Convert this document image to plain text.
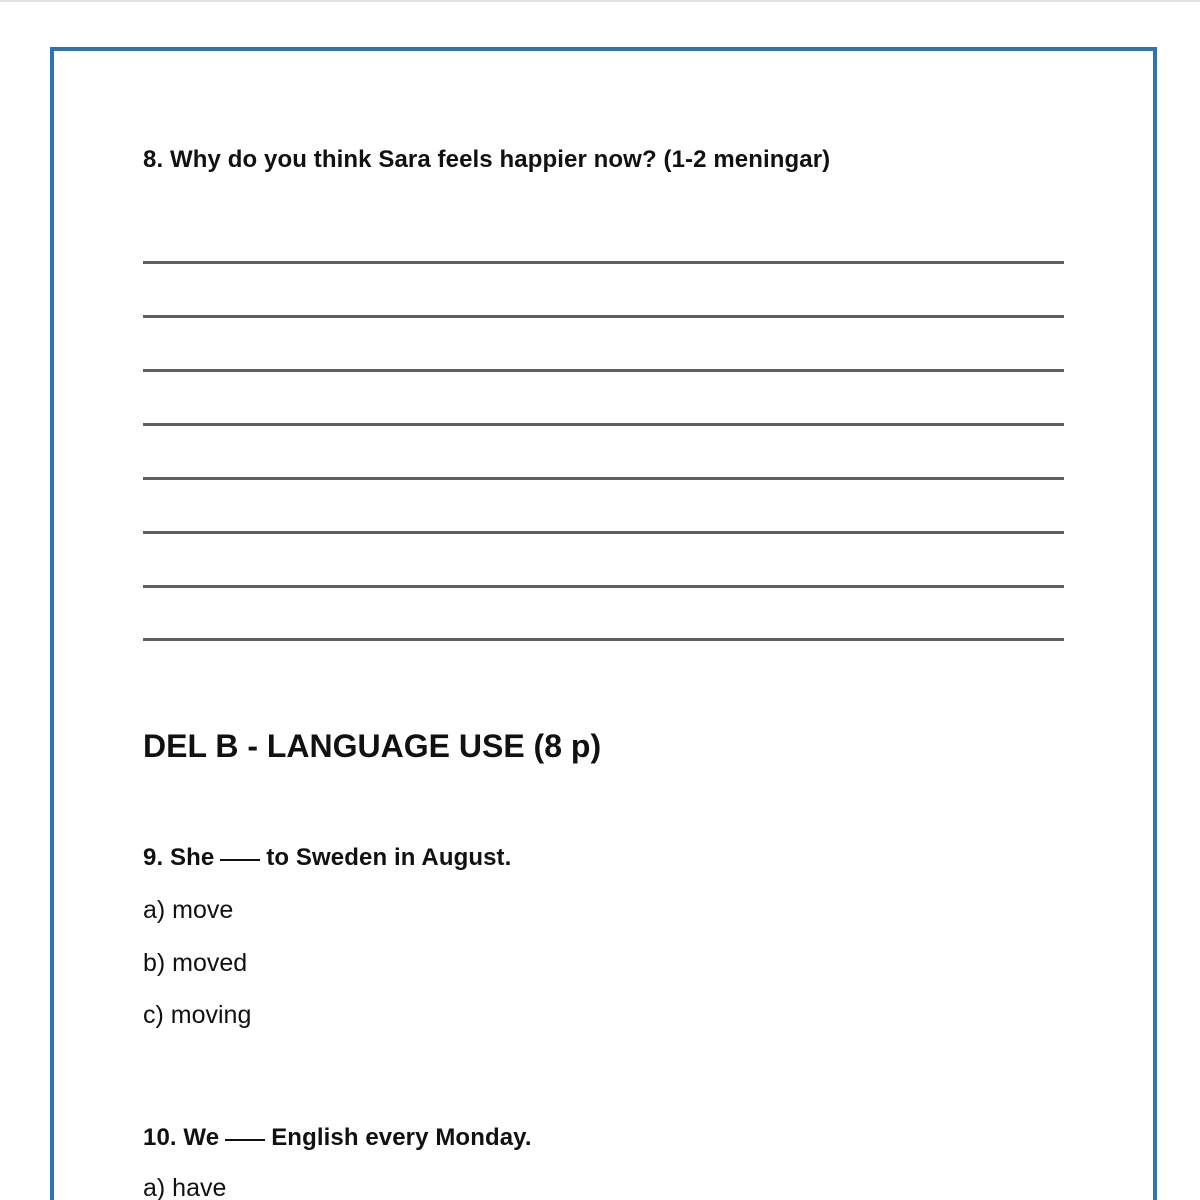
8. Why do you think Sara feels happier now? (1-2 meningar)
DEL B - LANGUAGE USE (8 p)
9. She to Sweden in August.
a) move
b) moved
c) moving
10. We English every Monday.
a) have
